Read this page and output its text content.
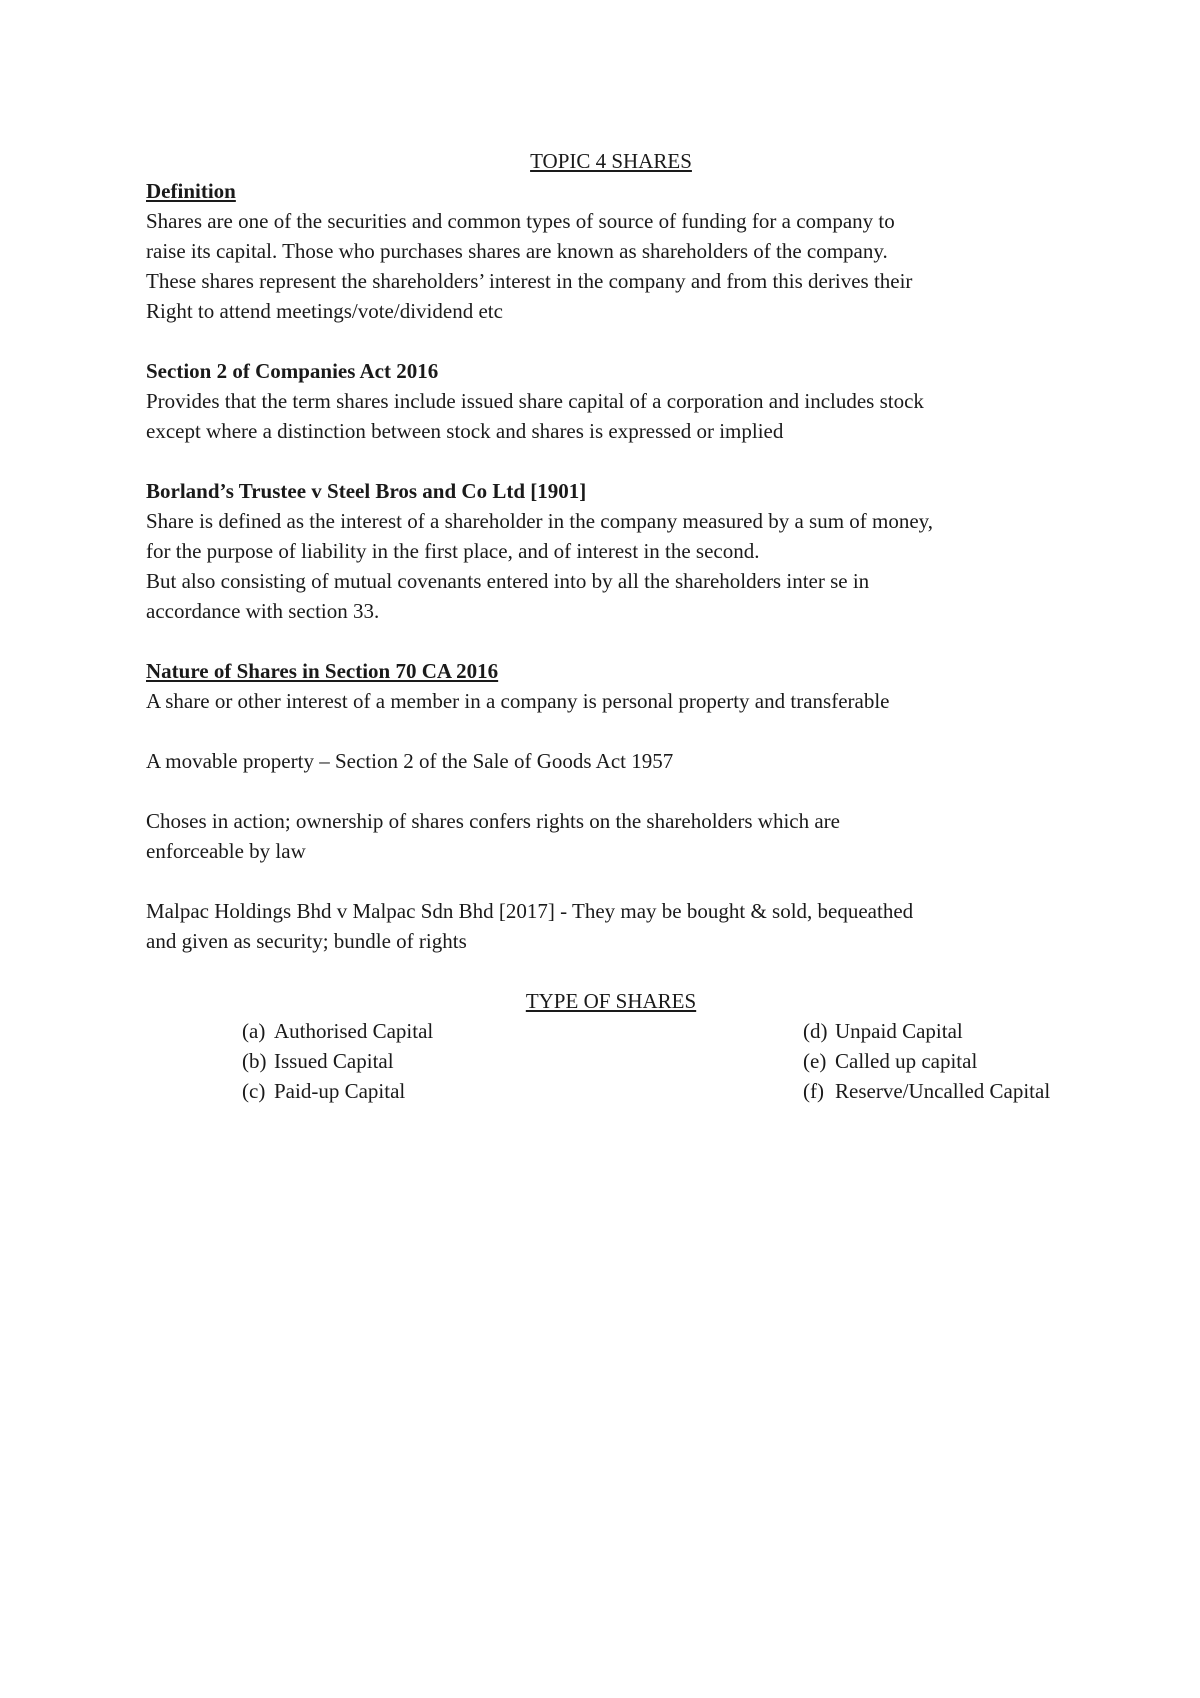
TOPIC 4 SHARES

Definition

Shares are one of the securities and common types of source of funding for a company to

raise its capital. Those who purchases shares are known as shareholders of the company.

These shares represent the shareholders’ interest in the company and from this derives their

Right to attend meetings/vote/dividend etc

Section 2 of Companies Act 2016

Provides that the term shares include issued share capital of a corporation and includes stock

except where a distinction between stock and shares is expressed or implied

Borland’s Trustee v Steel Bros and Co Ltd [1901]

Share is defined as the interest of a shareholder in the company measured by a sum of money,

for the purpose of liability in the first place, and of interest in the second.

But also consisting of mutual covenants entered into by all the shareholders inter se in

accordance with section 33.

Nature of Shares in Section 70 CA 2016

A share or other interest of a member in a company is personal property and transferable

A movable property – Section 2 of the Sale of Goods Act 1957

Choses in action; ownership of shares confers rights on the shareholders which are

enforceable by law

Malpac Holdings Bhd v Malpac Sdn Bhd [2017] - They may be bought & sold, bequeathed

and given as security; bundle of rights

TYPE OF SHARES

(a) Authorised Capital
(b) Issued Capital
(c) Paid-up Capital
(d) Unpaid Capital
(e) Called up capital
(f) Reserve/Uncalled Capital
